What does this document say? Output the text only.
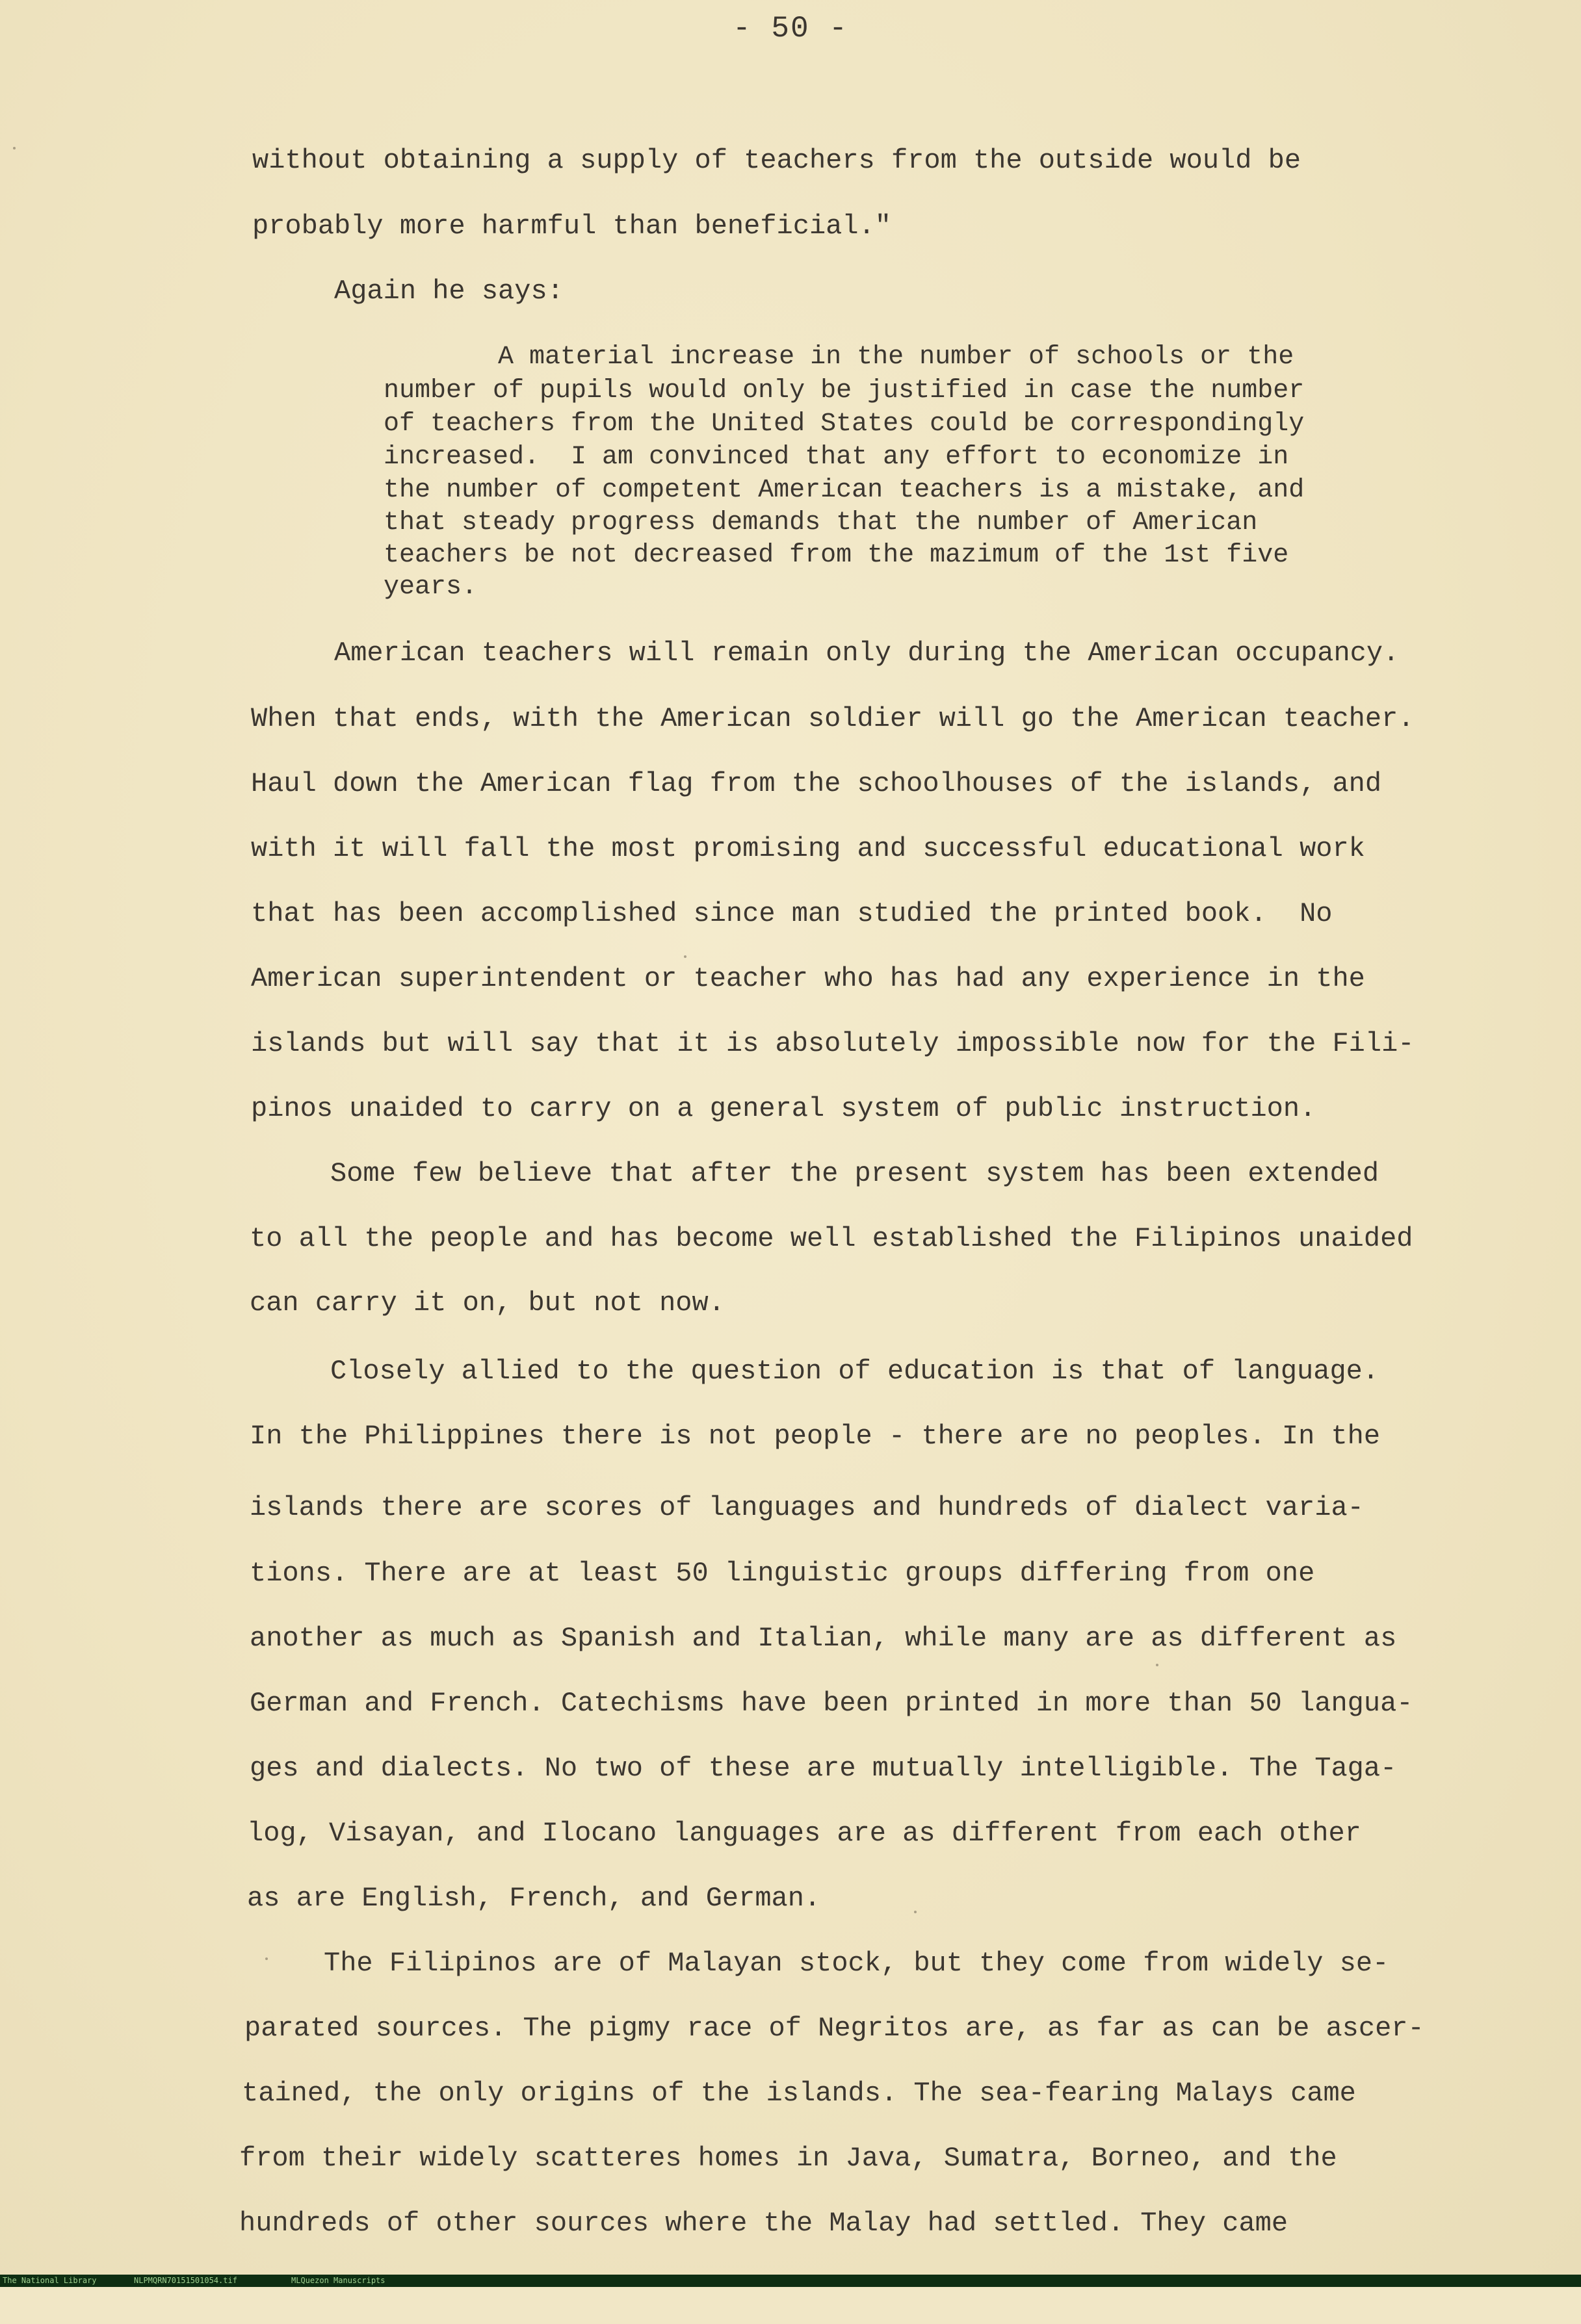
- 50 -
without obtaining a supply of teachers from the outside would be
probably more harmful than beneficial."
Again he says:
A material increase in the number of schools or the
number of pupils would only be justified in case the number
of teachers from the United States could be correspondingly
increased.  I am convinced that any effort to economize in
the number of competent American teachers is a mistake, and
that steady progress demands that the number of American
teachers be not decreased from the mazimum of the 1st five
years.
American teachers will remain only during the American occupancy.
When that ends, with the American soldier will go the American teacher.
Haul down the American flag from the schoolhouses of the islands, and
with it will fall the most promising and successful educational work
that has been accomplished since man studied the printed book.  No
American superintendent or teacher who has had any experience in the
islands but will say that it is absolutely impossible now for the Fili-
pinos unaided to carry on a general system of public instruction.
Some few believe that after the present system has been extended
to all the people and has become well established the Filipinos unaided
can carry it on, but not now.
Closely allied to the question of education is that of language.
In the Philippines there is not people - there are no peoples. In the
islands there are scores of languages and hundreds of dialect varia-
tions. There are at least 50 linguistic groups differing from one
another as much as Spanish and Italian, while many are as different as
German and French. Catechisms have been printed in more than 50 langua-
ges and dialects. No two of these are mutually intelligible. The Taga-
log, Visayan, and Ilocano languages are as different from each other
as are English, French, and German.
The Filipinos are of Malayan stock, but they come from widely se-
parated sources. The pigmy race of Negritos are, as far as can be ascer-
tained, the only origins of the islands. The sea-fearing Malays came
from their widely scatteres homes in Java, Sumatra, Borneo, and the
hundreds of other sources where the Malay had settled. They came

The National Library

	NLPMQRN70151501054.tif

	MLQuezon Manuscripts
